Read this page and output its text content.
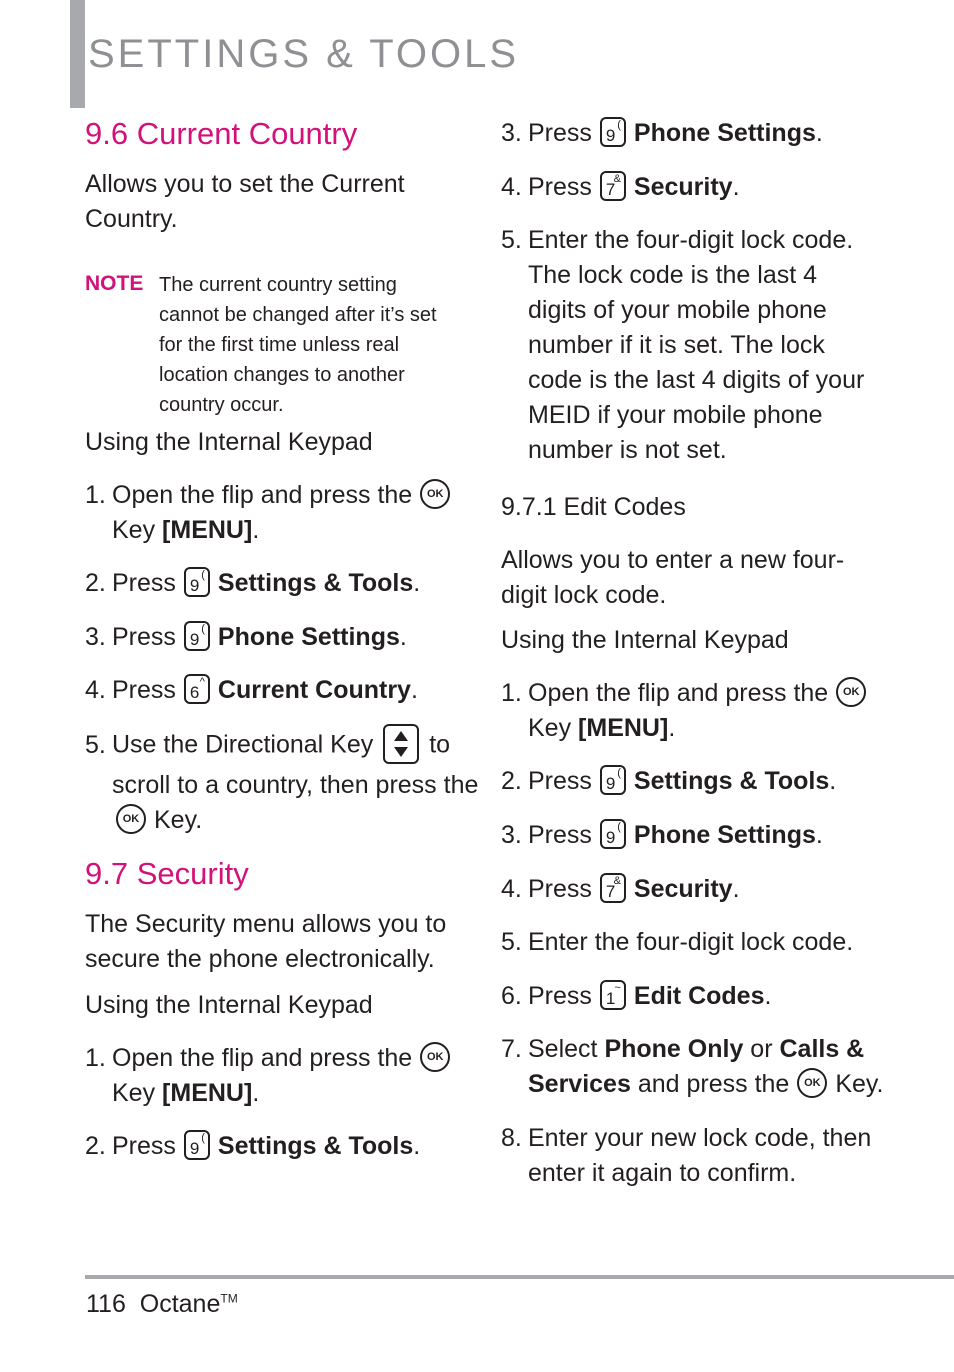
SETTINGS & TOOLS
9.6 Current Country
Allows you to set the Current
Country.
NOTE The current country setting
cannot be changed after it’s set
for the first time unless real
location changes to another
country occur.
Using the Internal Keypad
1. Open the flip and press the OK
Key [MENU].
2. Press 9
( Settings & Tools.
3. Press 9
( Phone Settings.
4. Press 6
^ Current Country.
5. Use the Directional Key to
scroll to a country, then press the
OK Key.
9.7 Security
The Security menu allows you to
secure the phone electronically.
Using the Internal Keypad
1. Open the flip and press the OK
Key [MENU].
2. Press 9
( Settings & Tools.
3. Press 9
( Phone Settings.
4. Press 7
& Security.
5. Enter the four-digit lock code.
The lock code is the last 4
digits of your mobile phone
number if it is set. The lock
code is the last 4 digits of your
MEID if your mobile phone
number is not set.
9.7.1 Edit Codes
Allows you to enter a new four-
digit lock code.
Using the Internal Keypad
1. Open the flip and press the OK
Key [MENU].
2. Press 9
( Settings & Tools.
3. Press 9
( Phone Settings.
4. Press 7
& Security.
5. Enter the four-digit lock code.
6. Press 1
~ Edit Codes.
7. Select Phone Only or Calls &
Services and press the OK Key.
8. Enter your new lock code, then
enter it again to confirm.
116 Octane™
